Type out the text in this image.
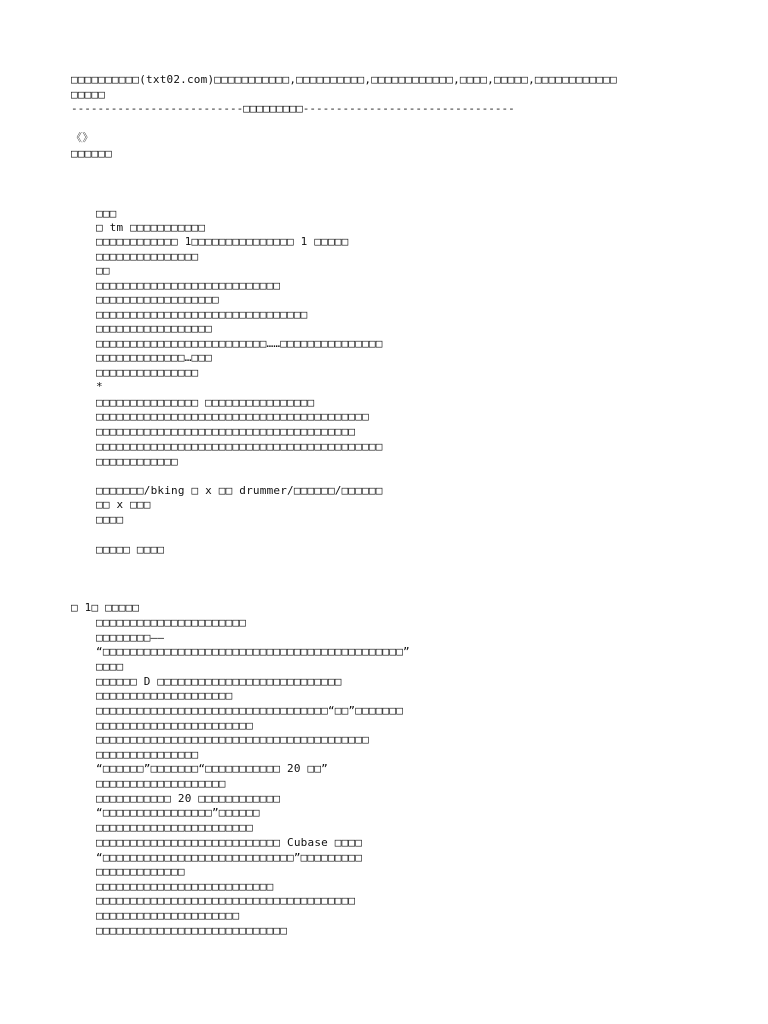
□□□□□□□□□□(txt02.com)□□□□□□□□□□□,□□□□□□□□□□,□□□□□□□□□□□□,□□□□,□□□□□,□□□□□□□□□□□□
□□□□□
--------------------------□□□□□□□□□--------------------------------
《》
□□□□□□
□□□
□ tm □□□□□□□□□□□
□□□□□□□□□□□□ 1□□□□□□□□□□□□□□□ 1 □□□□□
□□□□□□□□□□□□□□□
□□
□□□□□□□□□□□□□□□□□□□□□□□□□□□
□□□□□□□□□□□□□□□□□□
□□□□□□□□□□□□□□□□□□□□□□□□□□□□□□□
□□□□□□□□□□□□□□□□□
□□□□□□□□□□□□□□□□□□□□□□□□□……□□□□□□□□□□□□□□□
□□□□□□□□□□□□□…□□□
□□□□□□□□□□□□□□□
*
□□□□□□□□□□□□□□□ □□□□□□□□□□□□□□□□
□□□□□□□□□□□□□□□□□□□□□□□□□□□□□□□□□□□□□□□□
□□□□□□□□□□□□□□□□□□□□□□□□□□□□□□□□□□□□□□
□□□□□□□□□□□□□□□□□□□□□□□□□□□□□□□□□□□□□□□□□□
□□□□□□□□□□□□
□□□□□□□/bking □ x □□ drummer/□□□□□□/□□□□□□
□□ x □□□
□□□□
□□□□□ □□□□
□ 1□ □□□□□
□□□□□□□□□□□□□□□□□□□□□□
□□□□□□□□——
“□□□□□□□□□□□□□□□□□□□□□□□□□□□□□□□□□□□□□□□□□□□□”
□□□□
□□□□□□ D □□□□□□□□□□□□□□□□□□□□□□□□□□□
□□□□□□□□□□□□□□□□□□□□
□□□□□□□□□□□□□□□□□□□□□□□□□□□□□□□□□□“□□”□□□□□□□
□□□□□□□□□□□□□□□□□□□□□□□
□□□□□□□□□□□□□□□□□□□□□□□□□□□□□□□□□□□□□□□□
□□□□□□□□□□□□□□□
“□□□□□□”□□□□□□□“□□□□□□□□□□□ 20 □□”
□□□□□□□□□□□□□□□□□□□
□□□□□□□□□□□ 20 □□□□□□□□□□□□
“□□□□□□□□□□□□□□□□”□□□□□□
□□□□□□□□□□□□□□□□□□□□□□□
□□□□□□□□□□□□□□□□□□□□□□□□□□□ Cubase □□□□
“□□□□□□□□□□□□□□□□□□□□□□□□□□□□”□□□□□□□□□
□□□□□□□□□□□□□
□□□□□□□□□□□□□□□□□□□□□□□□□□
□□□□□□□□□□□□□□□□□□□□□□□□□□□□□□□□□□□□□□
□□□□□□□□□□□□□□□□□□□□□
□□□□□□□□□□□□□□□□□□□□□□□□□□□□
